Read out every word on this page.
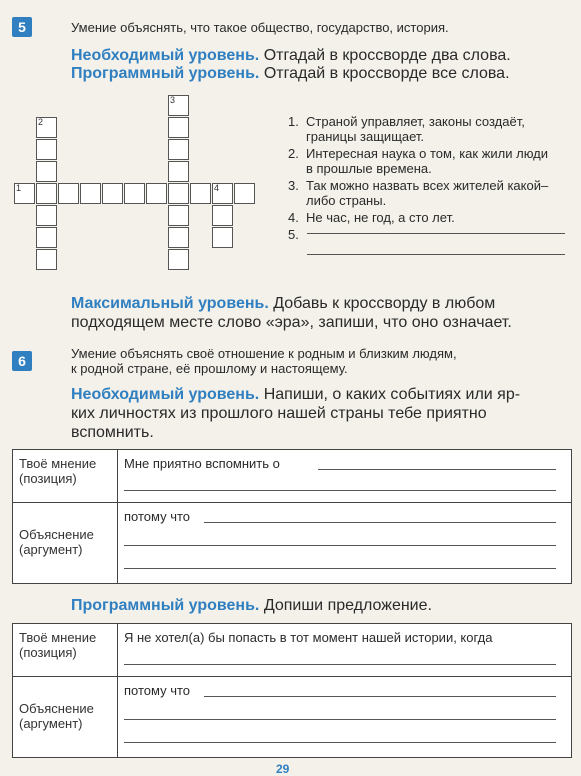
5	Умение объяснять, что такое общество, государство, история.
Необходимый уровень. Отгадай в кроссворде два слова.
Программный уровень. Отгадай в кроссворде все слова.
1	4
2
3
1. Страной управляет, законы создаёт, границы защищает.
2. Интересная наука о том, как жили люди в прошлые времена.
3. Так можно назвать всех жителей какой–либо страны.
4. Не час, не год, а сто лет.
5.
Максимальный уровень. Добавь к кроссворду в любом
подходящем месте слово «эра», запиши, что оно означает.
6	Умение объяснять своё отношение к родным и близким людям,
к родной стране, её прошлому и настоящему.
Необходимый уровень. Напиши, о каких событиях или яр-
ких личностях из прошлого нашей страны тебе приятно
вспомнить.
Твоё мнение (позиция)	Мне приятно вспомнить о

Объяснение (аргумент)	потому что
Программный уровень. Допиши предложение.
Твоё мнение (позиция)	Я не хотел(а) бы попасть в тот момент нашей истории, когда

Объяснение (аргумент)	потому что
29
